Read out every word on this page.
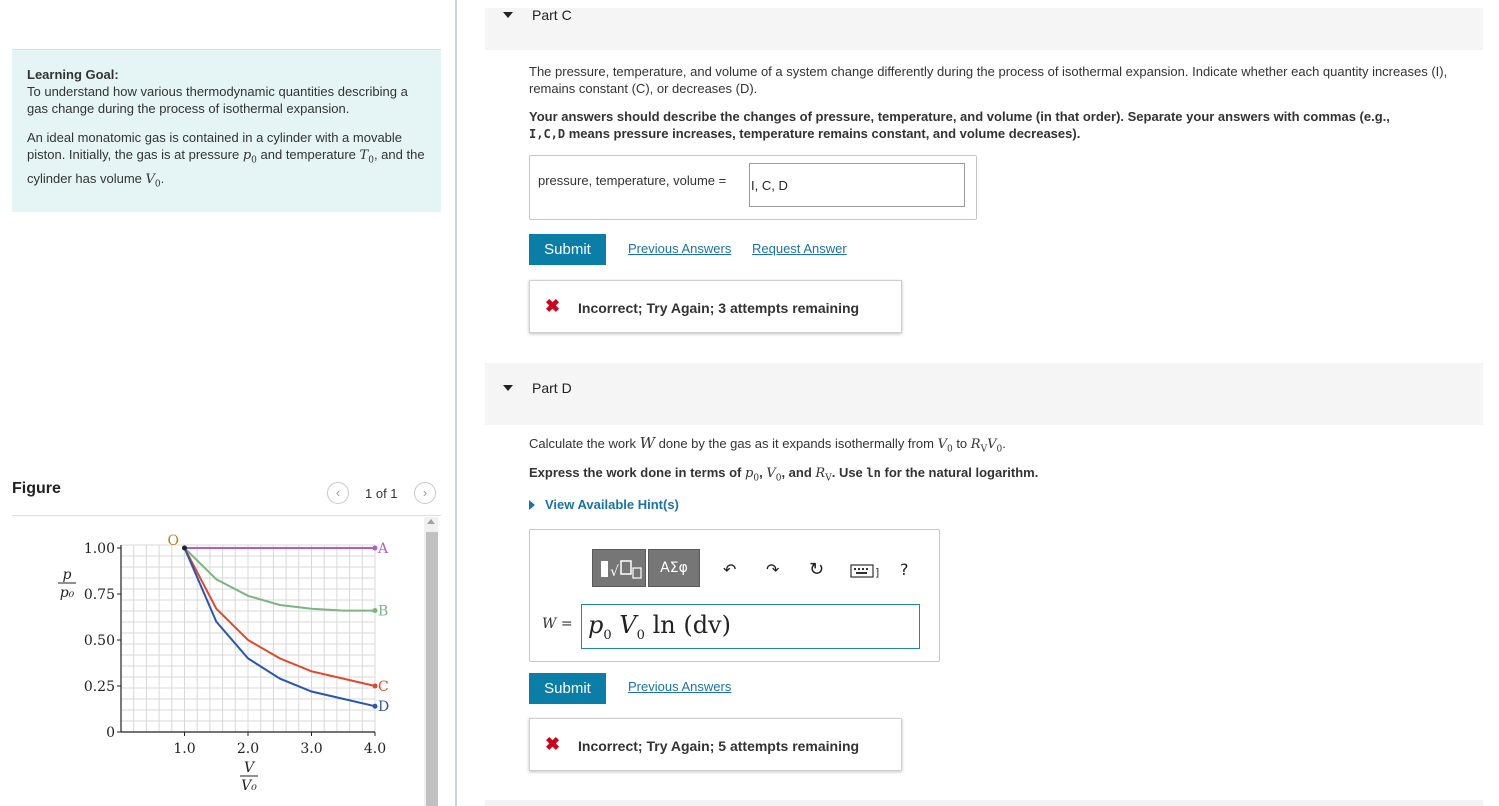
Learning Goal:
To understand how various thermodynamic quantities describing a gas change during the process of isothermal expansion.

An ideal monatomic gas is contained in a cylinder with a movable piston. Initially, the gas is at pressure $p_0$ and temperature $T_0$, and the cylinder has volume $V_0$.

Figure	‹	1 of 1	›
0
0.25
0.50
0.75
1.00
1.0	2.0	3.0	4.0
p
p₀
V
V₀
A
B
C
D
O
Part C
The pressure, temperature, and volume of a system change differently during the process of isothermal expansion. Indicate whether each quantity increases (I), remains constant (C), or decreases (D).
Your answers should describe the changes of pressure, temperature, and volume (in that order). Separate your answers with commas (e.g.,
I,C,D means pressure increases, temperature remains constant, and volume decreases).
pressure, temperature, volume =
I, C, D
Submit	Previous Answers Request Answer
✖ Incorrect; Try Again; 3 attempts remaining
Part D
Calculate the work W done by the gas as it expands isothermally from $V_0$ to $R_VV_0$.
Express the work done in terms of $p_0$, $V_0$, and $R_V$. Use ln for the natural logarithm.
View Available Hint(s)
√	ΑΣφ	↶ ↷ ↻	] ?
$W = p_0$ $V_0$ ln (dv)
Submit	Previous Answers
✖ Incorrect; Try Again; 5 attempts remaining
